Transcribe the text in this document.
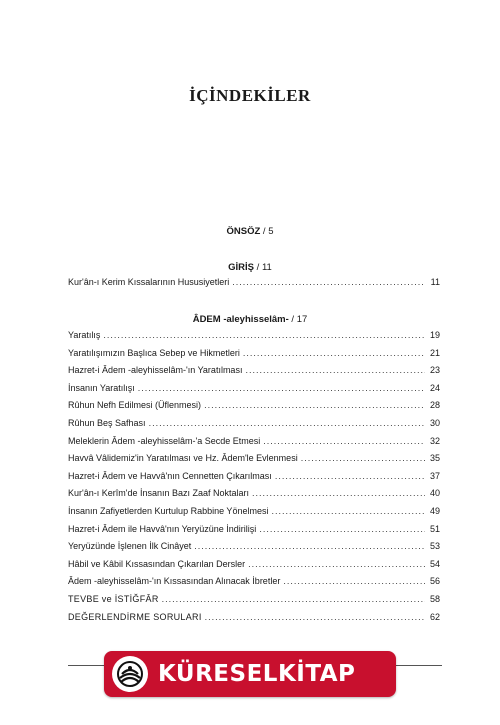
İÇİNDEKİLER
ÖNSÖZ / 5
GİRİŞ / 11
Kur'ân-ı Kerim Kıssalarının Hususiyetleri .....	11
ÂDEM -aleyhisselâm- / 17
Yaratılış .....	19
Yaratılışımızın Başlıca Sebep ve Hikmetleri .....	21
Hazret-i Âdem -aleyhisselâm-'ın Yaratılması .....	23
İnsanın Yaratılışı .....	24
Rûhun Nefh Edilmesi (Üflenmesi) .....	28
Rûhun Beş Safhası .....	30
Meleklerin Âdem -aleyhisselâm-'a Secde Etmesi .....	32
Havvâ Vâlidemiz'in Yaratılması ve Hz. Âdem'le Evlenmesi .....	35
Hazret-i Âdem ve Havvâ'nın Cennetten Çıkarılması .....	37
Kur'ân-ı Kerîm'de İnsanın Bazı Zaaf Noktaları .....	40
İnsanın Zafiyetlerden Kurtulup Rabbine Yönelmesi .....	49
Hazret-i Âdem ile Havvâ'nın Yeryüzüne İndirilişi .....	51
Yeryüzünde İşlenen İlk Cinâyet .....	53
Hâbil ve Kâbil Kıssasından Çıkarılan Dersler .....	54
Âdem -aleyhisselâm-'ın Kıssasından Alınacak İbretler .....	56
TEVBE ve İSTİĞFÂR .....	58
DEĞERLENDİRME SORULARI .....	62
KÜRESELKİTAP
